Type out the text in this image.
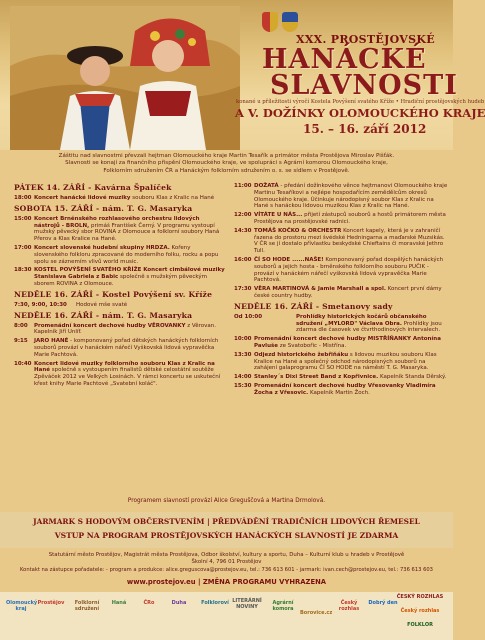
XXX. PROSTĚJOVSKÉ
HANÁCKÉ
SLAVNOSTI
konané u příležitosti výročí Kostela Povýšení svatého Kříže • Hradiční prostějovských hudeb
A V. DOŽÍNKY OLOMOUCKÉHO KRAJE
15. – 16. září 2012
Záštitu nad slavnostmi převzali hejtman Olomouckého kraje Martin Tesařík a primátor města Prostějova Miroslav Pišťák.
Slavnosti se konají za finančního přispění Olomouckého kraje, ve spolupráci s Agrární komorou Olomouckého kraje,
Folklorním sdružením ČR a Hanáckým folklorním sdružením o. s. se sídlem v Prostějově.
PÁTEK 14. ZÁŘÍ - Kavárna Špalíček
18:00 Koncert hanácké lidové muziky souboru Klas z Kralic na Hané
SOBOTA 15. ZÁŘÍ - nám. T. G. Masaryka
15:00 Koncert Brněnského rozhlasového orchestru lidových nástrojů - BROLN, primáš František Černý. V programu vystoupí mužský pěvecký sbor ROVINA z Olomouce a folklorní soubory Haná Přerov a Klas Kralice na Hané.
17:00 Koncert slovenské hudební skupiny HRDZA. Kořeny slovenského folkloru zpracované do moderního folku, rocku a popu spolu se záznemím vlivů world music.
18:30 KOSTEL POVÝŠENÍ SVATÉHO KŘÍŽE Koncert cimbálové muziky Stanislava Gabriela z Babic společně s mužským pěveckým sborem ROVINA z Olomouce.
NEDĚLE 16. ZÁŘÍ - Kostel Povýšení sv. Kříže
7:30, 9:00, 10:30	Hodové mše svaté
NEDĚLE 16. ZÁŘÍ - nám. T. G. Masaryka
8:00	Promenádní koncert dechové hudby VĚROVANKY z Věrovan. Kapelník Jiří Unlíf.
9:15	JARO HANÉ - komponovaný pořad dětských hanáckých folklorních souborů provází v hanáckém nářečí Vyškovská lidová vypravěčka Marie Pachtová.
10:40 Koncert lidové muziky folklorního souboru Klas z Kralic na Hané společně s vystoupením finalistů dětské celostátní soutěže Zpěváček 2012 ve Velkých Losinách. V rámci koncertu se uskuteční křest knihy Marie Pachtové „Svatební koláč".
11:00 DOŽATÁ - předání dožínkového věnce hejtmanovi Olomouckého kraje Martinu Tesaříkovi a nejlépe hospodařícím zemědělcům okresů Olomouckého kraje. Účinkuje národopisný soubor Klas z Kralic na Hané s hanáckou lidovou muzikou Klas z Kralic na Hané.
12:00 VÍTÁTE U NÁS... přijetí zástupců souborů a hostů primátorem města Prostějova na prostějovské radnici.
14:30 TOMÁŠ KOČKO & ORCHESTR Koncert kapely, která je v zahraničí řazena do prostoru mezi švédské Hedningarna a maďarské Muzsikás. V ČR se jí dostalo přívlastku beskydské Chieftains či moravské Jethro Tull.
16:00 ČÍ SO HODE ......NAŠE! Komponovaný pořad dospělých hanáckých souborů a jejich hosta - brněnského folklorního souboru PUČIK - provází v hanáckém nářečí vyškovská lidová vypravěčka Marie Pachtová.
17:30 VĚRA MARTINOVÁ & Jamie Marshall a spol. Koncert první dámy české country hudby.
NEDĚLE 16. ZÁŘÍ - Smetanovy sady
Od 10:00	Prohlídky historických kočárů občanského sdružení „MYLORD" Václava Obra. Prohlídky jsou zdarma dle časovek ve čtvrthodinových intervalech.
10:00 Promenádní koncert dechové hudby MISTŘÍŇANKY Antonína Pavluše ze Svatobořic - Mistřína.
13:30 Odjezd historického žebřiňáku s lidovou muzikou souboru Klas Kralice na Hané a společný odchod národopisných souborů na zahájení galaprogramu ČÍ SO HODE na náměstí T. G. Masaryka.
14:00 Stanley´s Dixi Street Band z Kopřivnice. Kapelník Standa Děrský.
15:30 Promenádní koncert dechové hudby Vřesovanky Vladimíra Žocha z Vřesovic. Kapelník Martin Žoch.
Programem slavností provází Alice Greguščová a Martina Drmolová.
JARMARK S HODOVÝM OBČERSTVENÍM | PŘEDVÁDĚNÍ TRADIČNÍCH LIDOVÝCH ŘEMESEL
VSTUP NA PROGRAM PROSTĚJOVSKÝCH HANÁCKÝCH SLAVNOSTÍ JE ZDARMA
Statutární město Prostějov, Magistrát města Prostějova, Odbor školství, kultury a sportu, Duha – Kulturní klub u hradeb v Prostějově
Školní 4, 796 01 Prostějov
Kontakt na zástupce pořadatele: - program a produkce: alice.greguscova@prostejov.eu, tel.: 736 613 601 - jarmark: ivan.cech@prostejov.eu, tel.: 736 613 603
www.prostejov.eu | ZMĚNA PROGRAMU VYHRAZENA
Olomoucký kraj
Prostějov	Folklorní sdružení
Haná	ČRo	Duha	Folkloroví LITERÁRNÍ NOVINY
Agrární komora
Borovice.cz
Český rozhlas
Dobrý den
ČESKÝ ROZHLAS
Český rozhlas
FOLKLOR
